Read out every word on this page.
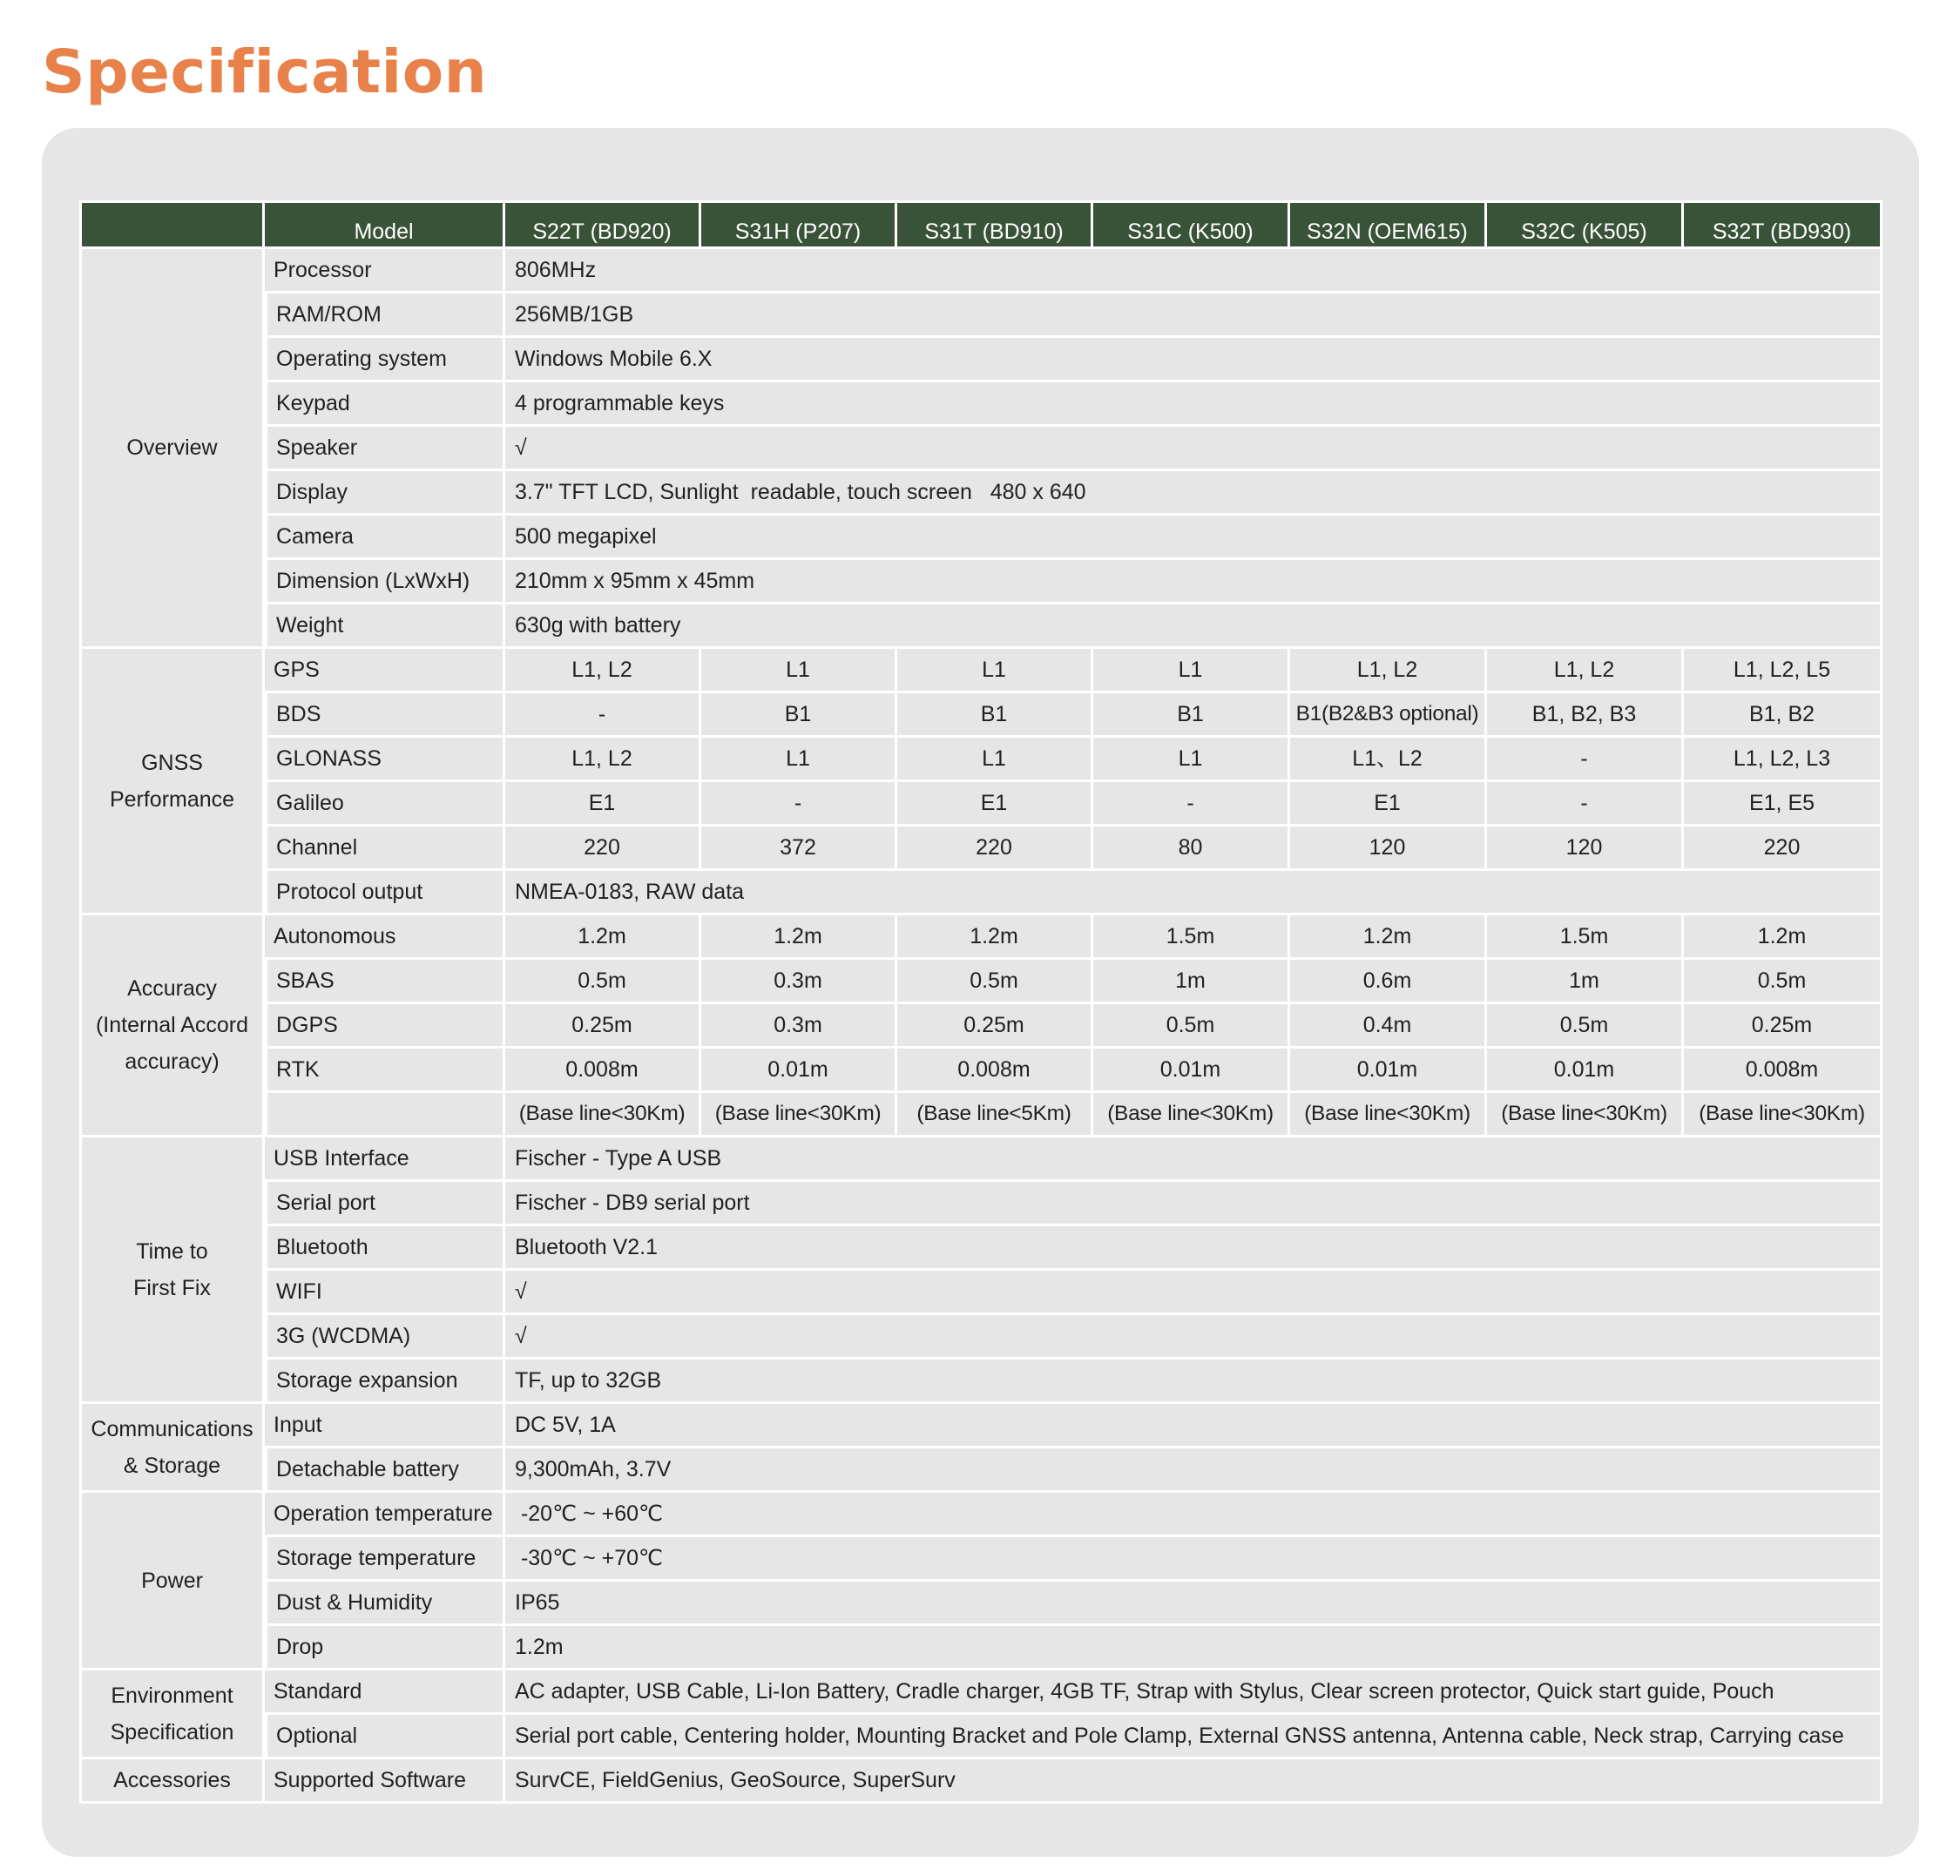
Specification
	Model	S22T (BD920)	S31H (P207)	S31T (BD910)	S31C (K500)	S32N (OEM615)	S32C (K505)	S32T (BD930)
Overview	Processor	806MHz						
	RAM/ROM	256MB/1GB						
	Operating system	Windows Mobile 6.X						
	Keypad	4 programmable keys						
	Speaker	√						
	Display	3.7" TFT LCD, Sunlight  readable, touch screen   480 x 640						
	Camera	500 megapixel						
	Dimension (LxWxH)	210mm x 95mm x 45mm						
	Weight	630g with battery						

GNSS
Performance	GPS	L1, L2	L1	L1	L1	L1, L2	L1, L2	L1, L2, L5
	BDS	-	B1	B1	B1	B1(B2&B3 optional)	B1, B2, B3	B1, B2
	GLONASS	L1, L2	L1	L1	L1	L1、L2	-	L1, L2, L3
	Galileo	E1	-	E1	-	E1	-	E1, E5
	Channel	220	372	220	80	120	120	220
	Protocol output	NMEA-0183, RAW data						

Accuracy
(Internal Accord
accuracy)	Autonomous	1.2m	1.2m	1.2m	1.5m	1.2m	1.5m	1.2m
	SBAS	0.5m	0.3m	0.5m	1m	0.6m	1m	0.5m
	DGPS	0.25m	0.3m	0.25m	0.5m	0.4m	0.5m	0.25m
	RTK	0.008m	0.01m	0.008m	0.01m	0.01m	0.01m	0.008m
		(Base line<30Km)	(Base line<30Km)	(Base line<5Km)	(Base line<30Km)	(Base line<30Km)	(Base line<30Km)	(Base line<30Km)

Time to
First Fix	USB Interface	Fischer - Type A USB						
	Serial port	Fischer - DB9 serial port						
	Bluetooth	Bluetooth V2.1						
	WIFI	√						
	3G (WCDMA)	√						
	Storage expansion	TF, up to 32GB						

Communications
& Storage	Input	DC 5V, 1A						
	Detachable battery	9,300mAh, 3.7V						
Power	Operation temperature	-20℃ ~ +60℃						
	Storage temperature	-30℃ ~ +70℃						
	Dust & Humidity	IP65						
	Drop	1.2m						

Environment
Specification	Standard	AC adapter, USB Cable, Li-Ion Battery, Cradle charger, 4GB TF, Strap with Stylus, Clear screen protector, Quick start guide, Pouch						
	Optional	Serial port cable, Centering holder, Mounting Bracket and Pole Clamp, External GNSS antenna, Antenna cable, Neck strap, Carrying case						
Accessories	Supported Software	SurvCE, FieldGenius, GeoSource, SuperSurv						
